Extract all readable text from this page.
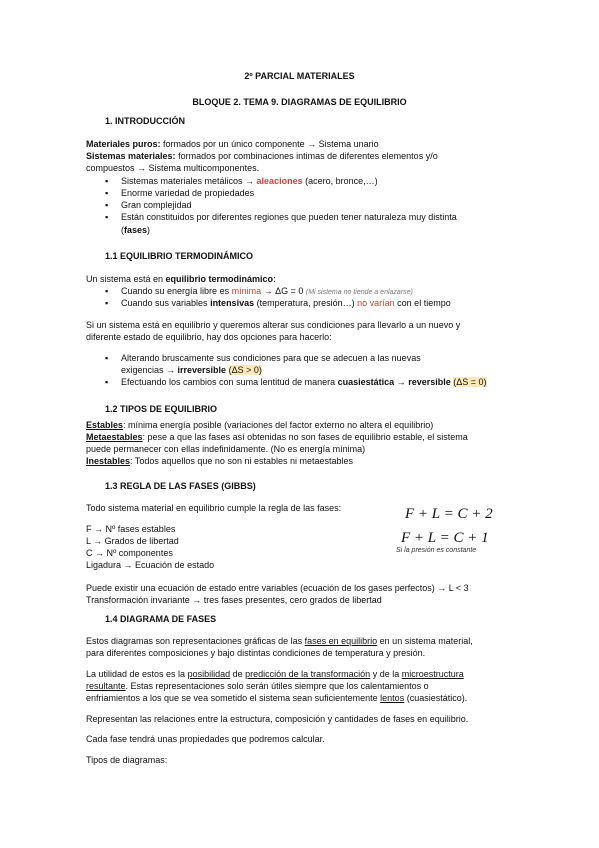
2º PARCIAL MATERIALES
BLOQUE 2. TEMA 9. DIAGRAMAS DE EQUILIBRIO
1. INTRODUCCIÓN
Materiales puros: formados por un único componente → Sistema unario
Sistemas materiales: formados por combinaciones intimas de diferentes elementos y/o
compuestos → Sistema multicomponentes.
▪ Sistemas materiales metálicos → aleaciones (acero, bronce,…)
▪ Enorme variedad de propiedades
▪ Gran complejidad
▪ Están constituidos por diferentes regiones que pueden tener naturaleza muy distinta
(fases)
1.1 EQUILIBRIO TERMODINÁMICO
Un sistema está en equilibrio termodinámico:
▪ Cuando su energía libre es mínima → ΔG = 0 (Mi sistema no tiende a enlazarse)
▪ Cuando sus variables intensivas (temperatura, presión…) no varían con el tiempo
Si un sistema está en equilibrio y queremos alterar sus condiciones para llevarlo a un nuevo y
diferente estado de equilibrio, hay dos opciones para hacerlo:
▪ Alterando bruscamente sus condiciones para que se adecuen a las nuevas
exigencias → irreversible (ΔS > 0)
▪ Efectuando los cambios con suma lentitud de manera cuasiestática → reversible (ΔS = 0)
1.2 TIPOS DE EQUILIBRIO
Estables: mínima energía posible (variaciones del factor externo no altera el equilibrio)
Metaestables: pese a que las fases así obtenidas no son fases de equilibrio estable, el sistema
puede permanecer con ellas indefinidamente. (No es energía mínima)
Inestables: Todos aquellos que no son ni estables ni metaestables
1.3 REGLA DE LAS FASES (GIBBS)
Todo sistema material en equilibrio cumple la regla de las fases:
F → Nº fases estables
L → Grados de libertad
C → Nº componentes
Ligadura → Ecuación de estado
F + L = C + 2
F + L = C + 1
Si la presión es constante
Puede existir una ecuación de estado entre variables (ecuación de los gases perfectos) → L < 3
Transformación invariante → tres fases presentes, cero grados de libertad
1.4 DIAGRAMA DE FASES
Estos diagramas son representaciones gráficas de las fases en equilibrio en un sistema material,
para diferentes composiciones y bajo distintas condiciones de temperatura y presión.
La utilidad de estos es la posibilidad de predicción de la transformación y de la microestructura
resultante. Estas representaciones solo serán útiles siempre que los calentamientos o
enfriamientos a los que se vea sometido el sistema sean suficientemente lentos (cuasiestático).
Representan las relaciones entre la estructura, composición y cantidades de fases en equilibrio.
Cada fase tendrá unas propiedades que podremos calcular.
Tipos de diagramas:
